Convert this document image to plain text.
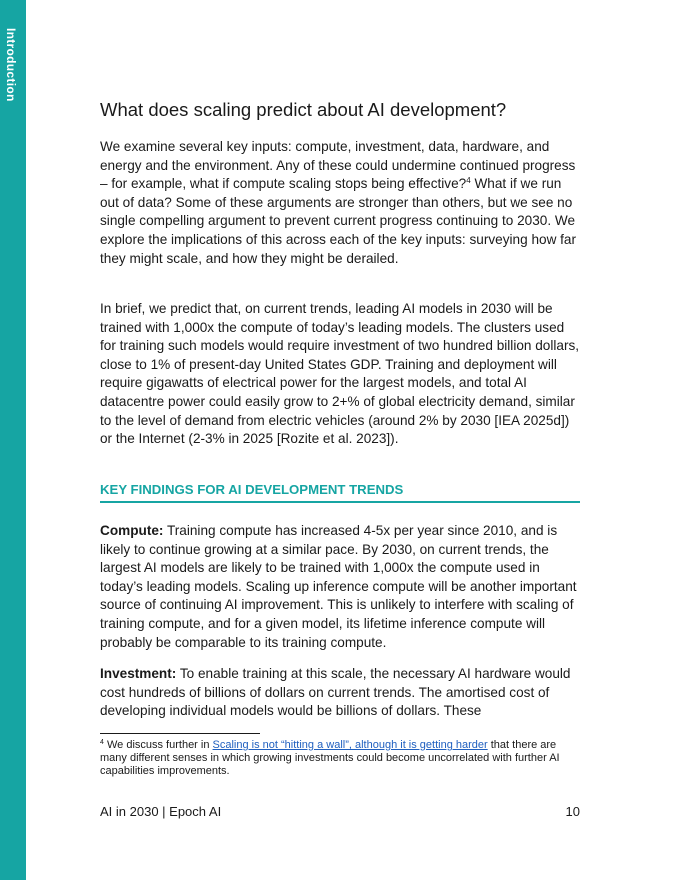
Introduction
What does scaling predict about AI development?

We examine several key inputs: compute, investment, data, hardware, and energy and the environment. Any of these could undermine continued progress – for example, what if compute scaling stops being effective?$^4$ What if we run out of data? Some of these arguments are stronger than others, but we see no single compelling argument to prevent current progress continuing to 2030. We explore the implications of this across each of the key inputs: surveying how far they might scale, and how they might be derailed.

In brief, we predict that, on current trends, leading AI models in 2030 will be trained with 1,000x the compute of today’s leading models. The clusters used for training such models would require investment of two hundred billion dollars, close to 1% of present-day United States GDP. Training and deployment will require gigawatts of electrical power for the largest models, and total AI datacentre power could easily grow to 2+% of global electricity demand, similar to the level of demand from electric vehicles (around 2% by 2030 [IEA 2025d]) or the Internet (2-3% in 2025 [Rozite et al. 2023]).

KEY FINDINGS FOR AI DEVELOPMENT TRENDS

Compute: Training compute has increased 4-5x per year since 2010, and is likely to continue growing at a similar pace. By 2030, on current trends, the largest AI models are likely to be trained with 1,000x the compute used in today’s leading models. Scaling up inference compute will be another important source of continuing AI improvement. This is unlikely to interfere with scaling of training compute, and for a given model, its lifetime inference compute will probably be comparable to its training compute.

Investment: To enable training at this scale, the necessary AI hardware would cost hundreds of billions of dollars on current trends. The amortised cost of developing individual models would be billions of dollars. These

$^4$ We discuss further in Scaling is not “hitting a wall”, although it is getting harder that there are many different senses in which growing investments could become uncorrelated with further AI capabilities improvements.

AI in 2030 | Epoch AI	10
